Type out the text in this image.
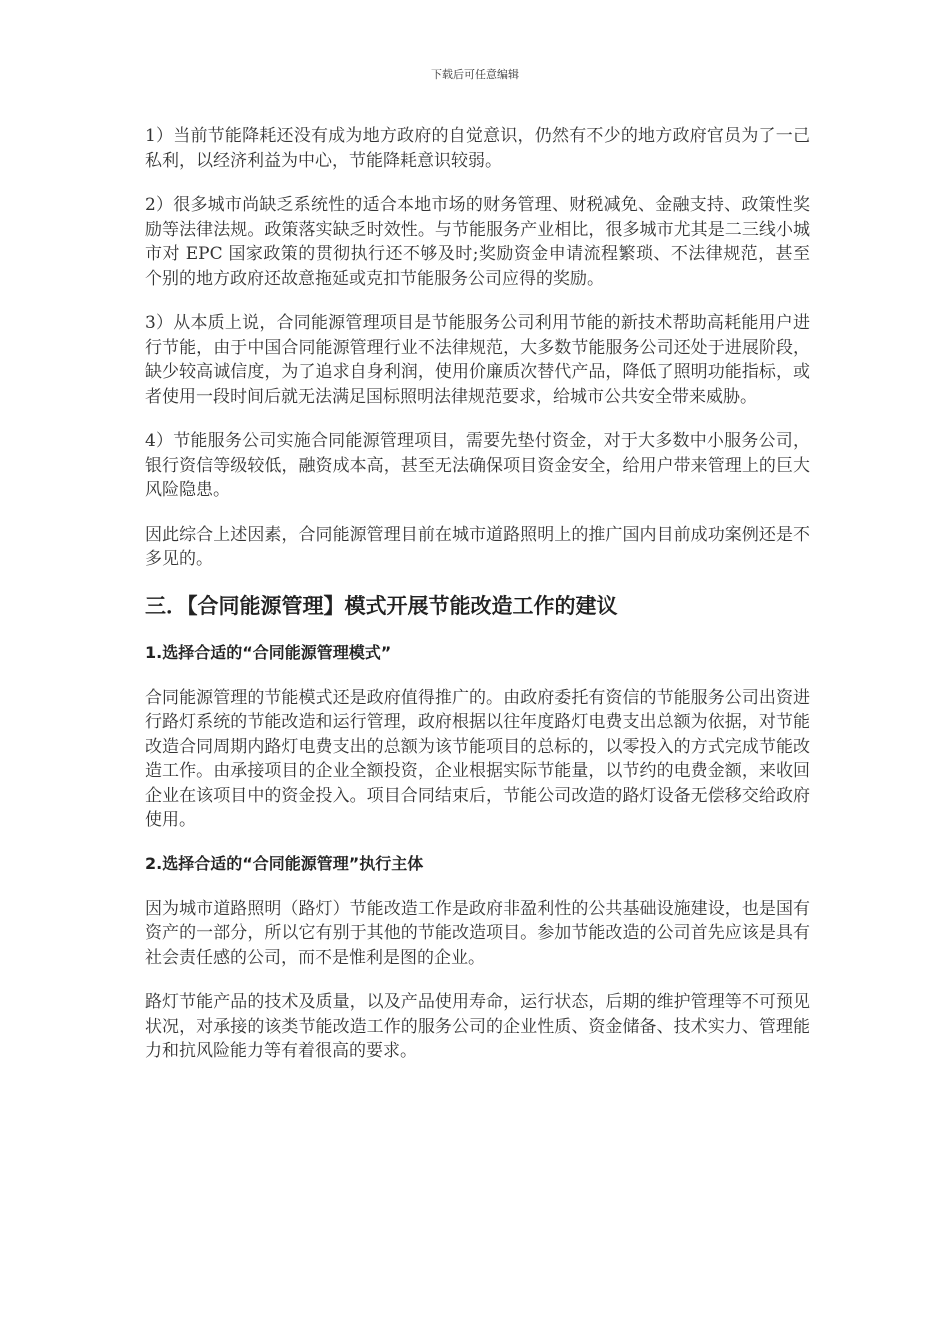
下载后可任意编辑

1）当前节能降耗还没有成为地方政府的自觉意识，仍然有不少的地方政府官员为了一己私利，以经济利益为中心，节能降耗意识较弱。

2）很多城市尚缺乏系统性的适合本地市场的财务管理、财税减免、金融支持、政策性奖励等法律法规。政策落实缺乏时效性。与节能服务产业相比，很多城市尤其是二三线小城市对 EPC 国家政策的贯彻执行还不够及时;奖励资金申请流程繁琐、不法律规范，甚至个别的地方政府还故意拖延或克扣节能服务公司应得的奖励。

3）从本质上说，合同能源管理项目是节能服务公司利用节能的新技术帮助高耗能用户进行节能，由于中国合同能源管理行业不法律规范，大多数节能服务公司还处于进展阶段，缺少较高诚信度，为了追求自身利润，使用价廉质次替代产品，降低了照明功能指标，或者使用一段时间后就无法满足国标照明法律规范要求，给城市公共安全带来威胁。

4）节能服务公司实施合同能源管理项目，需要先垫付资金，对于大多数中小服务公司，银行资信等级较低，融资成本高，甚至无法确保项目资金安全，给用户带来管理上的巨大风险隐患。

因此综合上述因素，合同能源管理目前在城市道路照明上的推广国内目前成功案例还是不多见的。

三．【合同能源管理】模式开展节能改造工作的建议
1.选择合适的“合同能源管理模式”

合同能源管理的节能模式还是政府值得推广的。由政府委托有资信的节能服务公司出资进行路灯系统的节能改造和运行管理，政府根据以往年度路灯电费支出总额为依据，对节能改造合同周期内路灯电费支出的总额为该节能项目的总标的，以零投入的方式完成节能改造工作。由承接项目的企业全额投资，企业根据实际节能量，以节约的电费金额，来收回企业在该项目中的资金投入。项目合同结束后，节能公司改造的路灯设备无偿移交给政府使用。

2.选择合适的“合同能源管理”执行主体

因为城市道路照明（路灯）节能改造工作是政府非盈利性的公共基础设施建设，也是国有资产的一部分，所以它有别于其他的节能改造项目。参加节能改造的公司首先应该是具有社会责任感的公司，而不是惟利是图的企业。

路灯节能产品的技术及质量，以及产品使用寿命，运行状态，后期的维护管理等不可预见状况，对承接的该类节能改造工作的服务公司的企业性质、资金储备、技术实力、管理能力和抗风险能力等有着很高的要求。
